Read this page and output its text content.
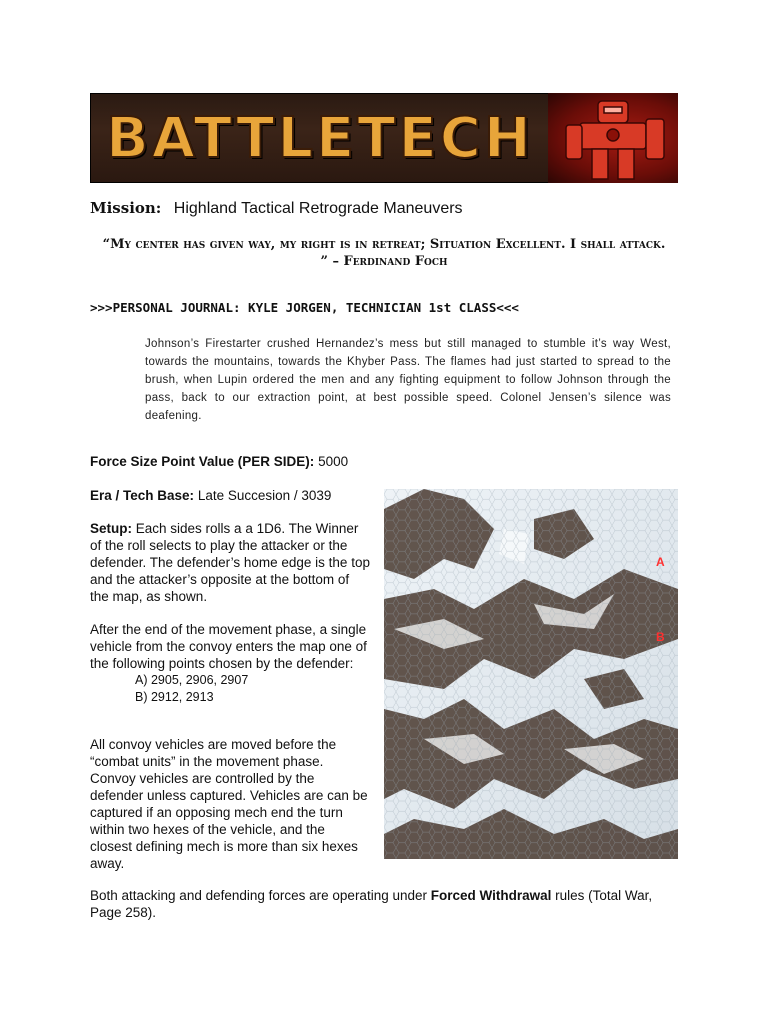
BATTLETECH
Mission: Highland Tactical Retrograde Maneuvers
“My center has given way, my right is in retreat; Situation Excellent. I shall attack. ” – Ferdinand Foch
>>>PERSONAL JOURNAL: KYLE JORGEN, TECHNICIAN 1st CLASS<<<
Johnson’s Firestarter crushed Hernandez’s mess but still managed to stumble it’s way West, towards the mountains, towards the Khyber Pass. The flames had just started to spread to the brush, when Lupin ordered the men and any fighting equipment to follow Johnson through the pass, back to our extraction point, at best possible speed. Colonel Jensen’s silence was deafening.
Force Size Point Value (PER SIDE): 5000
Era / Tech Base: Late Succesion / 3039
Setup: Each sides rolls a a 1D6. The Winner of the roll selects to play the attacker or the defender. The defender’s home edge is the top and the attacker’s opposite at the bottom of the map, as shown.
After the end of the movement phase, a single vehicle from the convoy enters the map one of the following points chosen by the defender:
A) 2905, 2906, 2907
B) 2912, 2913
All convoy vehicles are moved before the “combat units” in the movement phase. Convoy vehicles are controlled by the defender unless captured. Vehicles are can be captured if an opposing mech end the turn within two hexes of the vehicle, and the closest defining mech is more than six hexes away.
Both attacking and defending forces are operating under Forced Withdrawal rules (Total War, Page 258).
A
B
